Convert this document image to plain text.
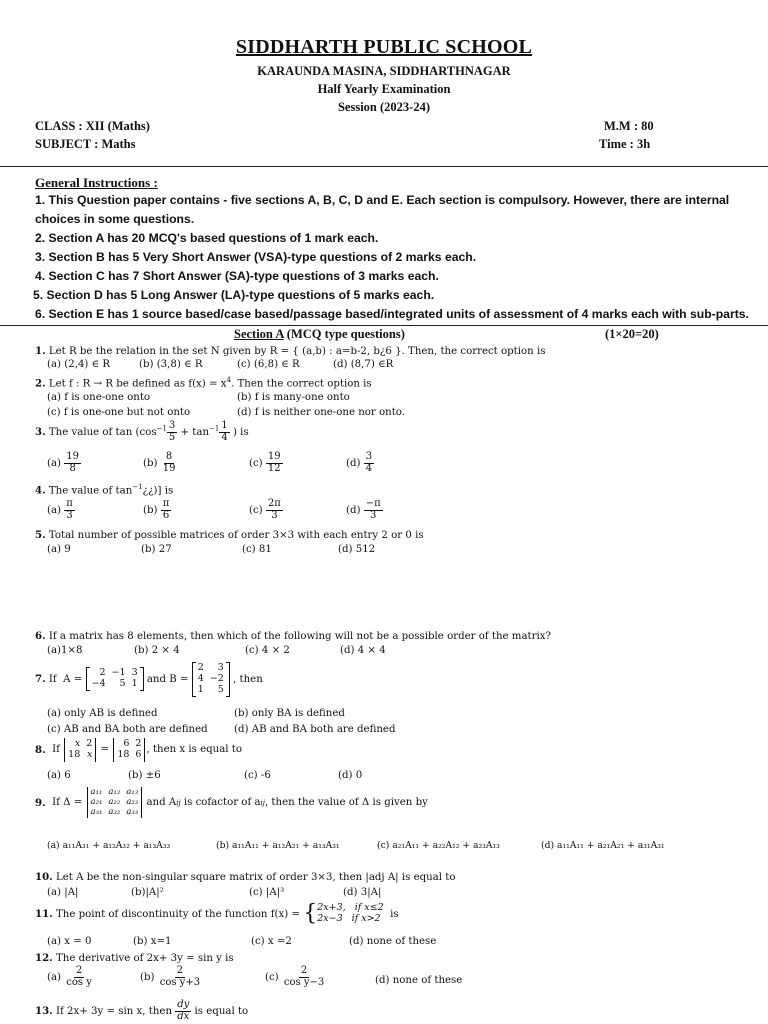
SIDDHARTH PUBLIC SCHOOL
KARAUNDA MASINA, SIDDHARTHNAGAR
Half Yearly Examination
Session (2023-24)
CLASS : XII (Maths)
SUBJECT : Maths
M.M : 80
Time : 3h
General Instructions :
1. This Question paper contains - five sections A, B, C, D and E. Each section is compulsory. However, there are internal
choices in some questions.
2. Section A has 20 MCQ's based questions of 1 mark each.
3. Section B has 5 Very Short Answer (VSA)-type questions of 2 marks each.
4. Section C has 7 Short Answer (SA)-type questions of 3 marks each.
5. Section D has 5 Long Answer (LA)-type questions of 5 marks each.
6. Section E has 1 source based/case based/passage based/integrated units of assessment of 4 marks each with sub-parts.
Section A (MCQ type questions)	(1×20=20)
1. Let R be the relation in the set N given by R = { (a,b) : a=b-2, b¿6 }. Then, the correct option is
(a) (2,4) ∈ R	(b) (3,8) ∈ R	(c) (6,8) ∈ R	(d) (8,7) ∈R
2. Let f : R → R be defined as $f(x) = x^4$. Then the correct option is
(a) f is one-one onto	(b) f is many-one onto
(c) f is one-one but not onto	(d) f is neither one-one nor onto.
3. The value of $\tan (\cos^{-1} \frac{3}{5} + \tan^{-1} \frac{1}{4}$ ) is
$(a) \frac{19}{8}$	$(b) \frac{8}{19}$	$(c) \frac{19}{12}$	$(d) \frac{3}{4}$
4. The value of $\tan^{-1}¿¿$)] is
$(a) \frac{\pi}{3}$	$(b) \frac{\pi}{6}$	$(c) \frac{2\pi}{3}$	$(d) \frac{-\pi}{3}$
5. Total number of possible matrices of order 3×3 with each entry 2 or 0 is
(a) 9	(b) 27	(c) 81	(d) 512
6. If a matrix has 8 elements, then which of the following will not be a possible order of the matrix?
(a)1×8	(b) 2 × 4	(c) 4 × 2	(d) 4 × 4
7. If  A =
2 −1 3
−4	5 1 and B =
2	3
4 −2
1	5
, then
(a) only AB is defined	(b) only BA is defined
(c) AB and BA both are defined	(d) AB and BA both are defined
8. If
x 2
18 x =
6 2
18 6 , then x is equal to
(a) 6	(b) ±6	(c) -6	(d) 0
9. If Δ =
a₁₁ a₁₂ a₁₃
a₂₁ a₂₂ a₂₃
a₃₁ a₃₂ a₃₃
and A ij is cofactor of a ij , then the value of Δ is given by
(a) a₁₁A₃₁ + a₁₂A₃₂ + a₁₃A₃₃	(b) a₁₁A₁₁ + a₁₂A₂₁ + a₁₃A₃₁	(c) a₂₁A₁₁ + a₂₂A₁₂ + a₂₃A₁₃	(d) a₁₁A₁₁ + a₂₁A₂₁ + a₃₁A₃₁
10. Let A be the non-singular square matrix of order 3×3, then |adj A| is equal to
(a) |A|	(b)|A|²	(c) |A|³	(d) 3|A|
11. The point of discontinuity of the function f(x) = { 2x+3,   if x≤2
2x−3   if x>2 is
(a) x = 0	(b) x=1	(c) x =2	(d) none of these
12. The derivative of 2x+ 3y = sin y is
$(a) \frac{2}{\text{cos y}}$	$(b) \frac{2}{\text{cos y+3}}$	$(c) \frac{2}{\text{cos y−3}}$	(d) none of these
13. If 2x+ 3y = sin x, then $\frac{dy}{dx}$ is equal to
